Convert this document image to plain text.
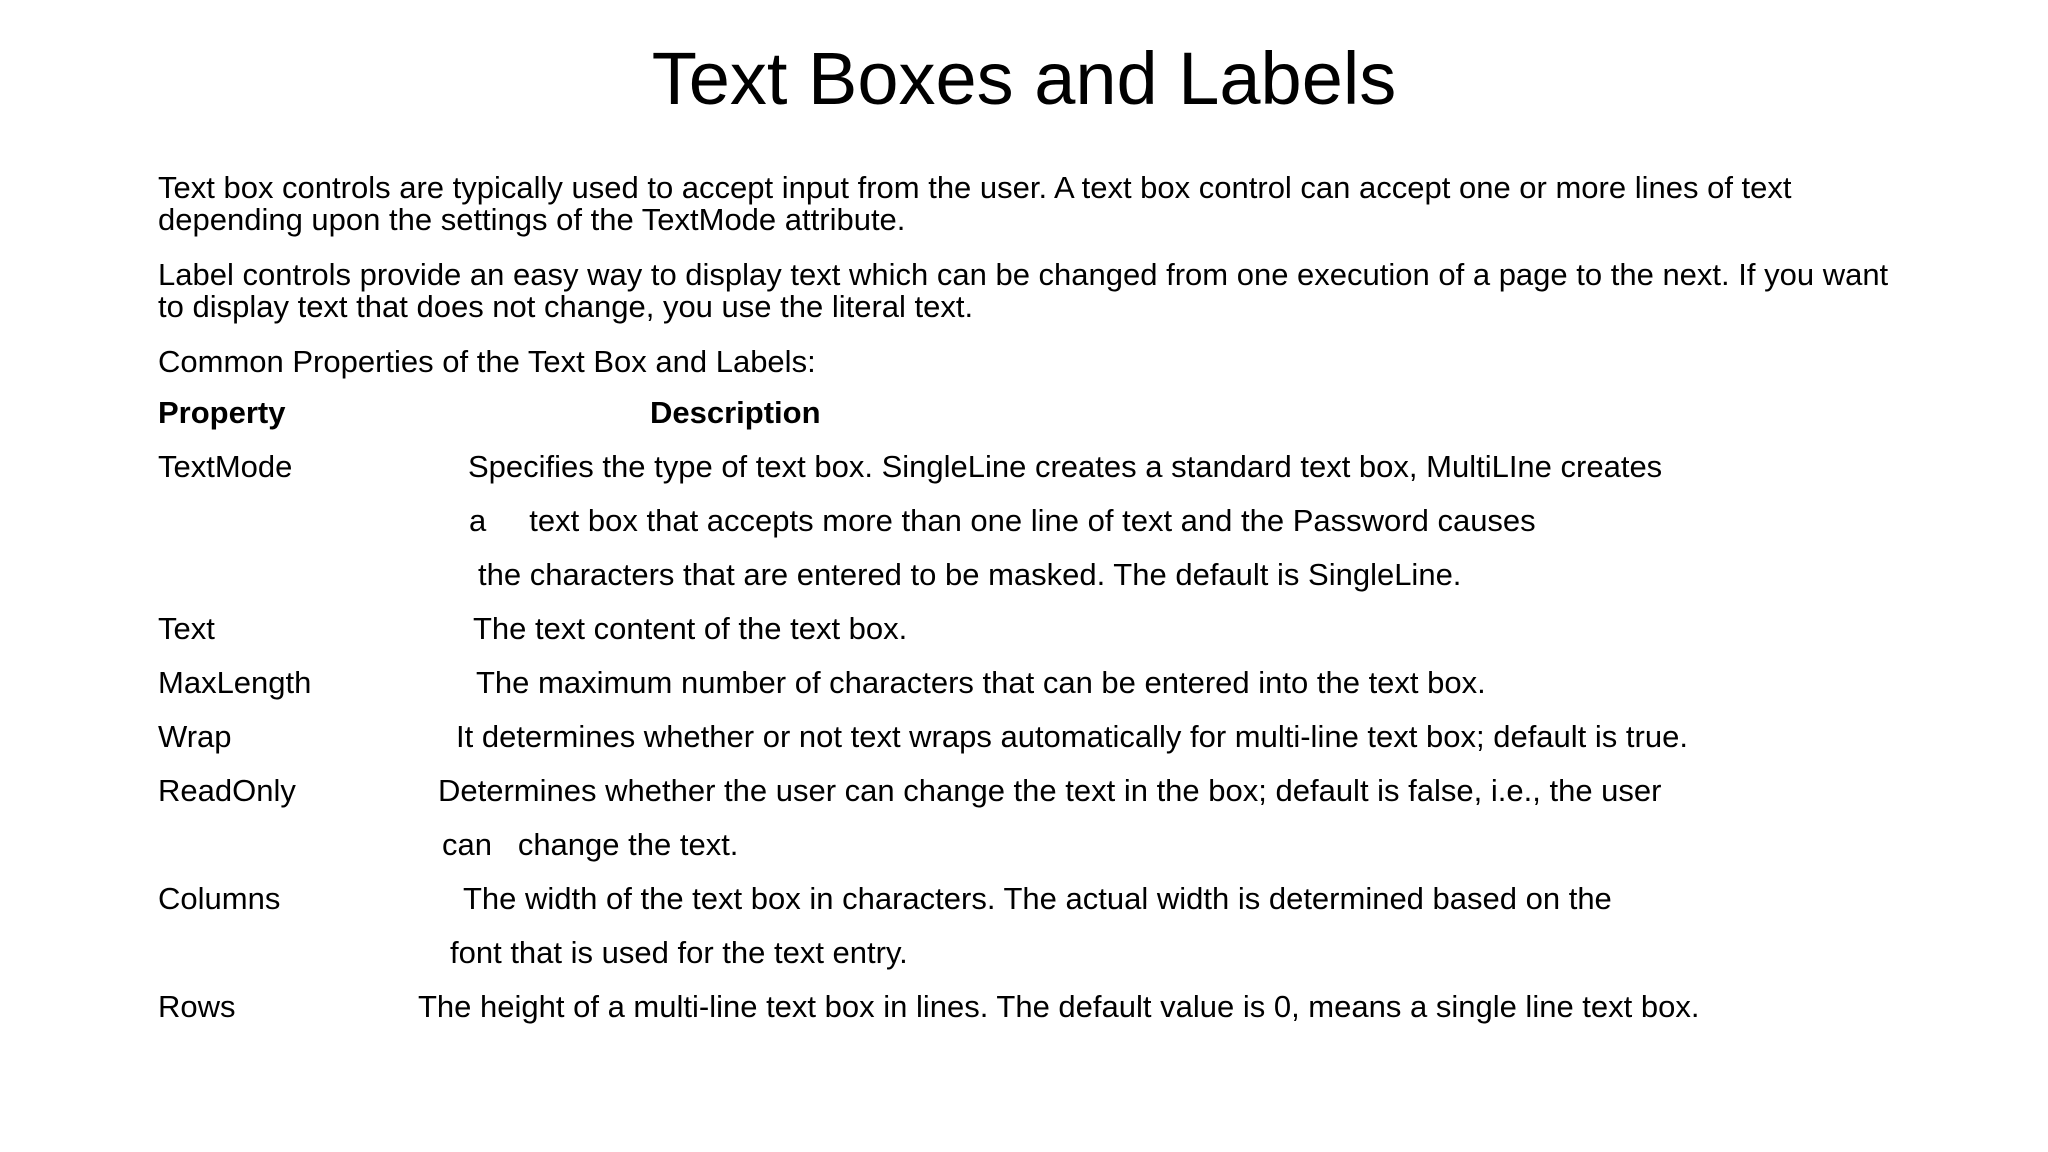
Text Boxes and Labels

Text box controls are typically used to accept input from the user. A text box control can accept one or more lines of text depending upon the settings of the TextMode attribute.

Label controls provide an easy way to display text which can be changed from one execution of a page to the next. If you want to display text that does not change, you use the literal text.

Common Properties of the Text Box and Labels:

Property	Description
TextMode	Specifies the type of text box. SingleLine creates a standard text box, MultiLIne creates
a     text box that accepts more than one line of text and the Password causes
the characters that are entered to be masked. The default is SingleLine.
Text	The text content of the text box.
MaxLength	The maximum number of characters that can be entered into the text box.
Wrap	It determines whether or not text wraps automatically for multi-line text box; default is true.
ReadOnly	Determines whether the user can change the text in the box; default is false, i.e., the user
can   change the text.
Columns	The width of the text box in characters. The actual width is determined based on the
font that is used for the text entry.
Rows	The height of a multi-line text box in lines. The default value is 0, means a single line text box.
